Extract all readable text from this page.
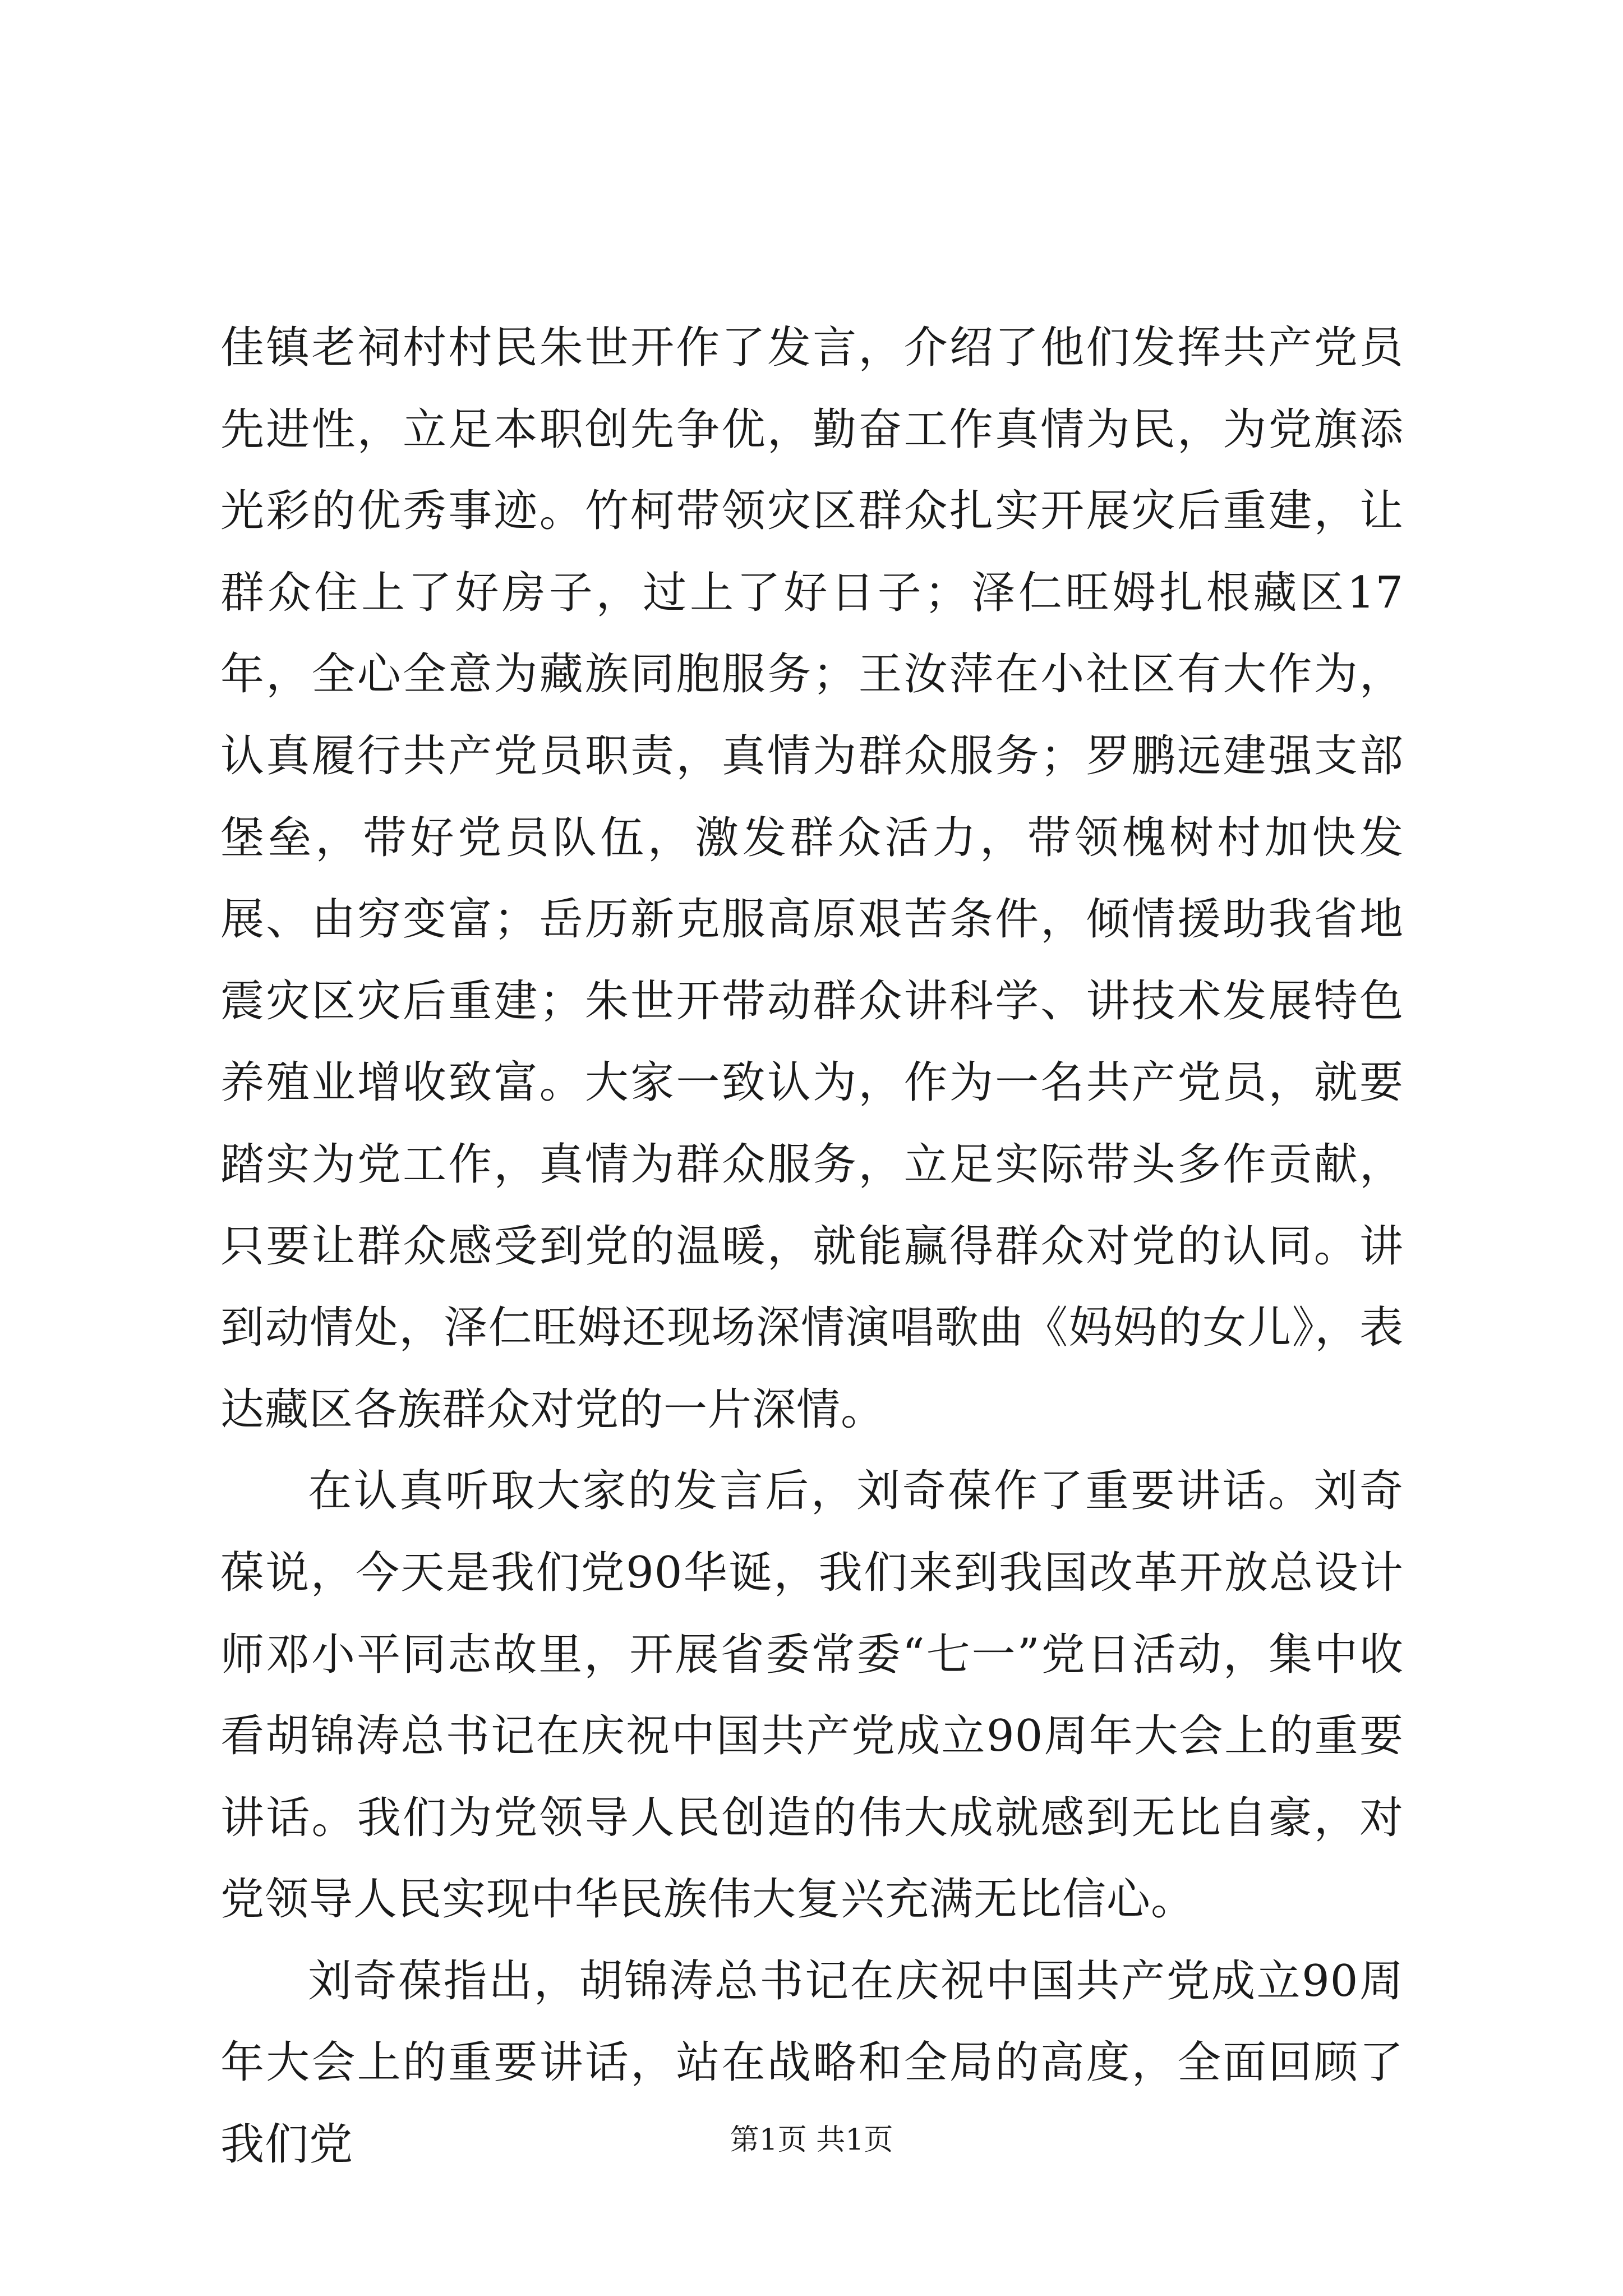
佳镇老祠村村民朱世开作了发言，介绍了他们发挥共产党员先进性，立足本职创先争优，勤奋工作真情为民，为党旗添光彩的优秀事迹。竹柯带领灾区群众扎实开展灾后重建，让群众住上了好房子，过上了好日子；泽仁旺姆扎根藏区17年，全心全意为藏族同胞服务；王汝萍在小社区有大作为，认真履行共产党员职责，真情为群众服务；罗鹏远建强支部堡垒，带好党员队伍，激发群众活力，带领槐树村加快发展、由穷变富；岳历新克服高原艰苦条件，倾情援助我省地震灾区灾后重建；朱世开带动群众讲科学、讲技术发展特色养殖业增收致富。大家一致认为，作为一名共产党员，就要踏实为党工作，真情为群众服务，立足实际带头多作贡献，只要让群众感受到党的温暖，就能赢得群众对党的认同。讲到动情处，泽仁旺姆还现场深情演唱歌曲《妈妈的女儿》，表达藏区各族群众对党的一片深情。

在认真听取大家的发言后，刘奇葆作了重要讲话。刘奇葆说，今天是我们党90华诞，我们来到我国改革开放总设计师邓小平同志故里，开展省委常委“七一”党日活动，集中收看胡锦涛总书记在庆祝中国共产党成立90周年大会上的重要讲话。我们为党领导人民创造的伟大成就感到无比自豪，对党领导人民实现中华民族伟大复兴充满无比信心。

刘奇葆指出，胡锦涛总书记在庆祝中国共产党成立90周年大会上的重要讲话，站在战略和全局的高度，全面回顾了我们党	第1页 共1页
